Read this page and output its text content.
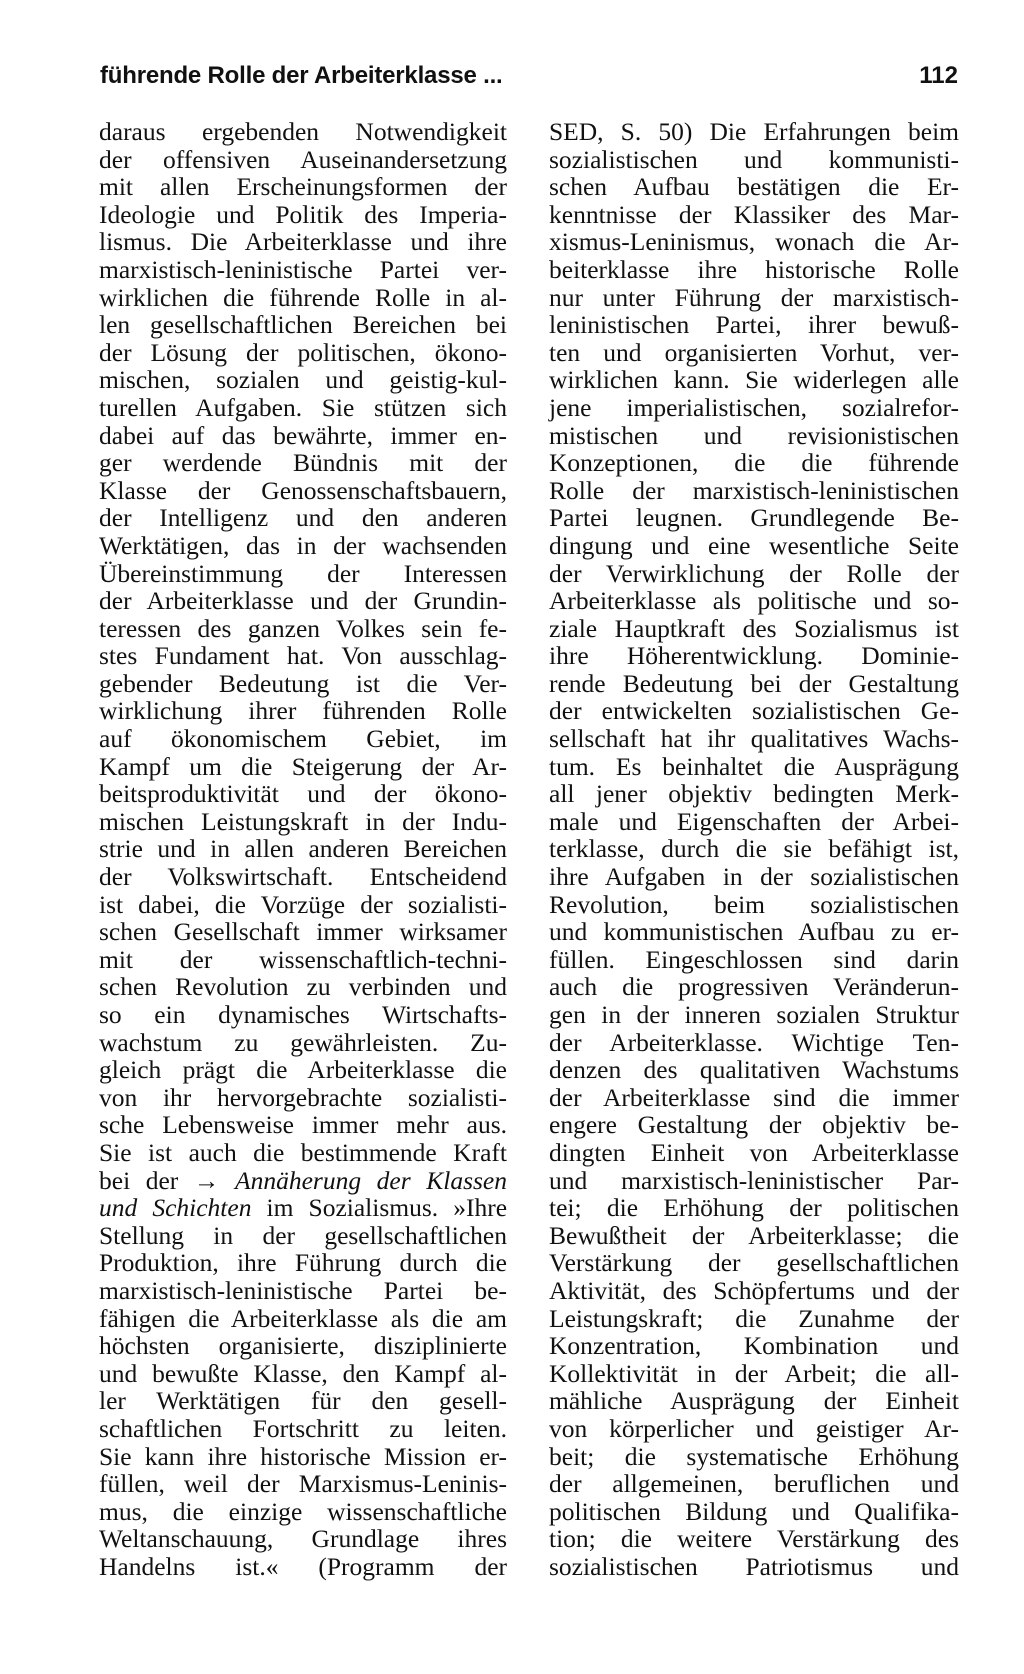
führende Rolle der Arbeiterklasse ...	112
daraus ergebenden Notwendigkeit
der offensiven Auseinandersetzung
mit allen Erscheinungsformen der
Ideologie und Politik des Imperia-
lismus. Die Arbeiterklasse und ihre
marxistisch-leninistische Partei ver-
wirklichen die führende Rolle in al-
len gesellschaftlichen Bereichen bei
der Lösung der politischen, ökono-
mischen, sozialen und geistig-kul-
turellen Aufgaben. Sie stützen sich
dabei auf das bewährte, immer en-
ger werdende Bündnis mit der
Klasse der Genossenschaftsbauern,
der Intelligenz und den anderen
Werktätigen, das in der wachsenden
Übereinstimmung der Interessen
der Arbeiterklasse und der Grundin-
teressen des ganzen Volkes sein fe-
stes Fundament hat. Von ausschlag-
gebender Bedeutung ist die Ver-
wirklichung ihrer führenden Rolle
auf ökonomischem Gebiet, im
Kampf um die Steigerung der Ar-
beitsproduktivität und der ökono-
mischen Leistungskraft in der Indu-
strie und in allen anderen Bereichen
der Volkswirtschaft. Entscheidend
ist dabei, die Vorzüge der sozialisti-
schen Gesellschaft immer wirksamer
mit der wissenschaftlich-techni-
schen Revolution zu verbinden und
so ein dynamisches Wirtschafts-
wachstum zu gewährleisten. Zu-
gleich prägt die Arbeiterklasse die
von ihr hervorgebrachte sozialisti-
sche Lebensweise immer mehr aus.
Sie ist auch die bestimmende Kraft
bei der → Annäherung der Klassen
und Schichten im Sozialismus. »Ihre
Stellung in der gesellschaftlichen
Produktion, ihre Führung durch die
marxistisch-leninistische Partei be-
fähigen die Arbeiterklasse als die am
höchsten organisierte, disziplinierte
und bewußte Klasse, den Kampf al-
ler Werktätigen für den gesell-
schaftlichen Fortschritt zu leiten.
Sie kann ihre historische Mission er-
füllen, weil der Marxismus-Leninis-
mus, die einzige wissenschaftliche
Weltanschauung, Grundlage ihres
Handelns ist.« (Programm der
SED, S. 50) Die Erfahrungen beim
sozialistischen und kommunisti-
schen Aufbau bestätigen die Er-
kenntnisse der Klassiker des Mar-
xismus-Leninismus, wonach die Ar-
beiterklasse ihre historische Rolle
nur unter Führung der marxistisch-
leninistischen Partei, ihrer bewuß-
ten und organisierten Vorhut, ver-
wirklichen kann. Sie widerlegen alle
jene imperialistischen, sozialrefor-
mistischen und revisionistischen
Konzeptionen, die die führende
Rolle der marxistisch-leninistischen
Partei leugnen. Grundlegende Be-
dingung und eine wesentliche Seite
der Verwirklichung der Rolle der
Arbeiterklasse als politische und so-
ziale Hauptkraft des Sozialismus ist
ihre Höherentwicklung. Dominie-
rende Bedeutung bei der Gestaltung
der entwickelten sozialistischen Ge-
sellschaft hat ihr qualitatives Wachs-
tum. Es beinhaltet die Ausprägung
all jener objektiv bedingten Merk-
male und Eigenschaften der Arbei-
terklasse, durch die sie befähigt ist,
ihre Aufgaben in der sozialistischen
Revolution, beim sozialistischen
und kommunistischen Aufbau zu er-
füllen. Eingeschlossen sind darin
auch die progressiven Veränderun-
gen in der inneren sozialen Struktur
der Arbeiterklasse. Wichtige Ten-
denzen des qualitativen Wachstums
der Arbeiterklasse sind die immer
engere Gestaltung der objektiv be-
dingten Einheit von Arbeiterklasse
und marxistisch-leninistischer Par-
tei; die Erhöhung der politischen
Bewußtheit der Arbeiterklasse; die
Verstärkung der gesellschaftlichen
Aktivität, des Schöpfertums und der
Leistungskraft; die Zunahme der
Konzentration, Kombination und
Kollektivität in der Arbeit; die all-
mähliche Ausprägung der Einheit
von körperlicher und geistiger Ar-
beit; die systematische Erhöhung
der allgemeinen, beruflichen und
politischen Bildung und Qualifika-
tion; die weitere Verstärkung des
sozialistischen Patriotismus und
